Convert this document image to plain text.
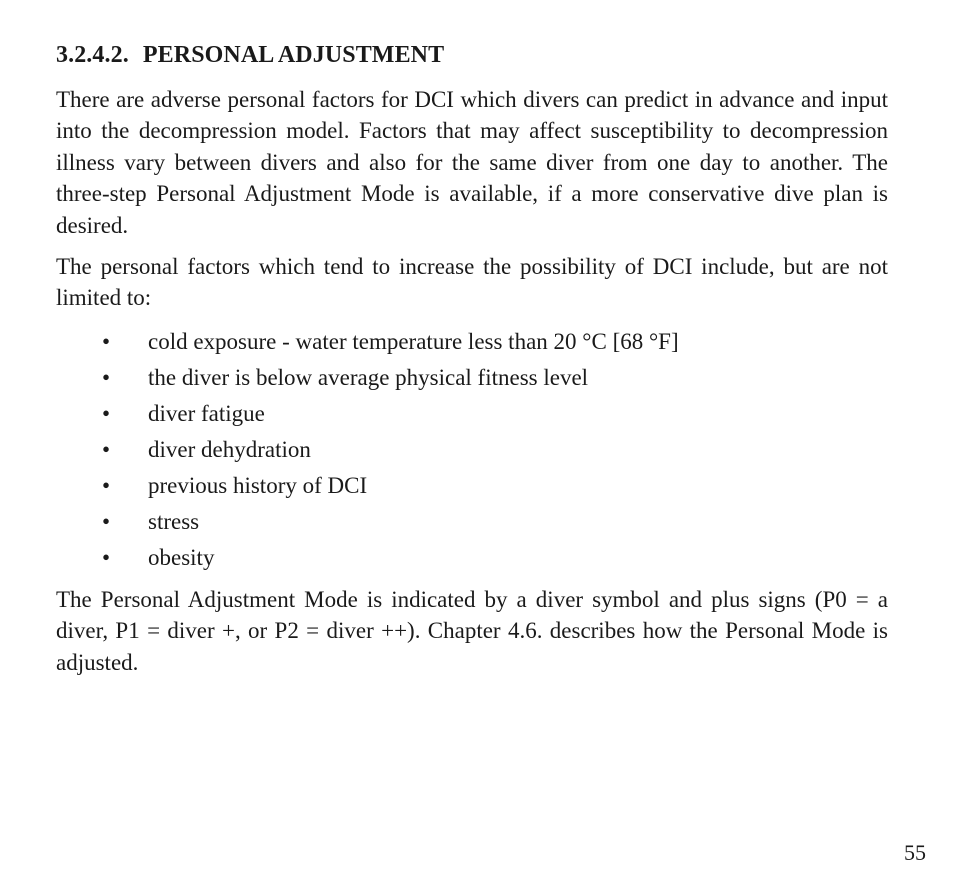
3.2.4.2. PERSONAL ADJUSTMENT

There are adverse personal factors for DCI which divers can predict in advance and input into the decompression model. Factors that may affect susceptibility to decompression illness vary between divers and also for the same diver from one day to another. The three-step Personal Adjustment Mode is available, if a more conservative dive plan is desired.

The personal factors which tend to increase the possibility of DCI include, but are not limited to:

• cold exposure - water temperature less than 20 °C [68 °F]
• the diver is below average physical fitness level
• diver fatigue
• diver dehydration
• previous history of DCI
• stress
• obesity

The Personal Adjustment Mode is indicated by a diver symbol and plus signs (P0 = a diver, P1 = diver +, or P2 = diver ++). Chapter 4.6. describes how the Personal Mode is adjusted.

55
